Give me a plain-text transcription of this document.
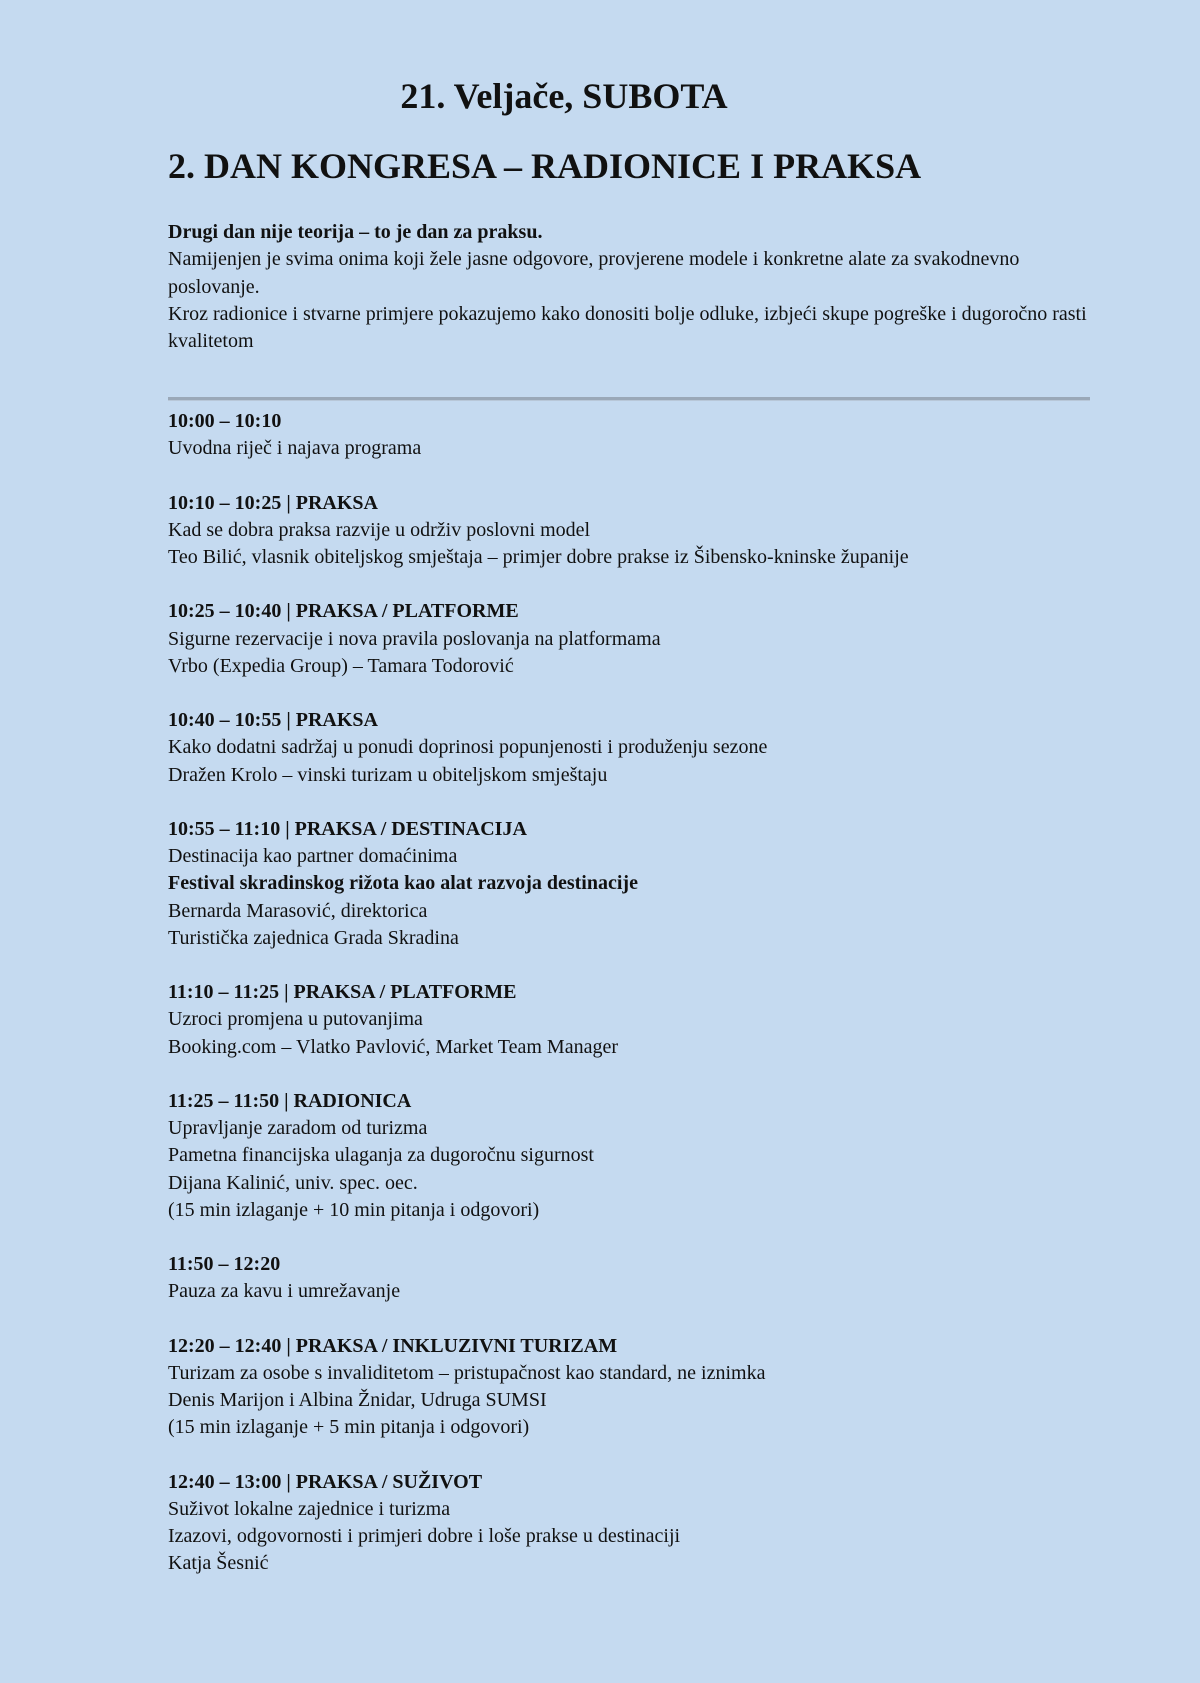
21. Veljače, SUBOTA
2. DAN KONGRESA – RADIONICE I PRAKSA

Drugi dan nije teorija – to je dan za praksu.

Namijenjen je svima onima koji žele jasne odgovore, provjerene modele i konkretne alate za svakodnevno poslovanje.

Kroz radionice i stvarne primjere pokazujemo kako donositi bolje odluke, izbjeći skupe pogreške i dugoročno rasti kvalitetom

10:00 – 10:10
Uvodna riječ i najava programa
10:10 – 10:25 | PRAKSA
Kad se dobra praksa razvije u održiv poslovni model
Teo Bilić, vlasnik obiteljskog smještaja – primjer dobre prakse iz Šibensko-kninske županije
10:25 – 10:40 | PRAKSA / PLATFORME
Sigurne rezervacije i nova pravila poslovanja na platformama
Vrbo (Expedia Group) – Tamara Todorović
10:40 – 10:55 | PRAKSA
Kako dodatni sadržaj u ponudi doprinosi popunjenosti i produženju sezone
Dražen Krolo – vinski turizam u obiteljskom smještaju
10:55 – 11:10 | PRAKSA / DESTINACIJA
Destinacija kao partner domaćinima
Festival skradinskog rižota kao alat razvoja destinacije
Bernarda Marasović, direktorica
Turistička zajednica Grada Skradina
11:10 – 11:25 | PRAKSA / PLATFORME
Uzroci promjena u putovanjima
Booking.com – Vlatko Pavlović, Market Team Manager
11:25 – 11:50 | RADIONICA
Upravljanje zaradom od turizma
Pametna financijska ulaganja za dugoročnu sigurnost
Dijana Kalinić, univ. spec. oec.
(15 min izlaganje + 10 min pitanja i odgovori)
11:50 – 12:20
Pauza za kavu i umrežavanje
12:20 – 12:40 | PRAKSA / INKLUZIVNI TURIZAM
Turizam za osobe s invaliditetom – pristupačnost kao standard, ne iznimka
Denis Marijon i Albina Žnidar, Udruga SUMSI
(15 min izlaganje + 5 min pitanja i odgovori)
12:40 – 13:00 | PRAKSA / SUŽIVOT
Suživot lokalne zajednice i turizma
Izazovi, odgovornosti i primjeri dobre i loše prakse u destinaciji
Katja Šesnić
